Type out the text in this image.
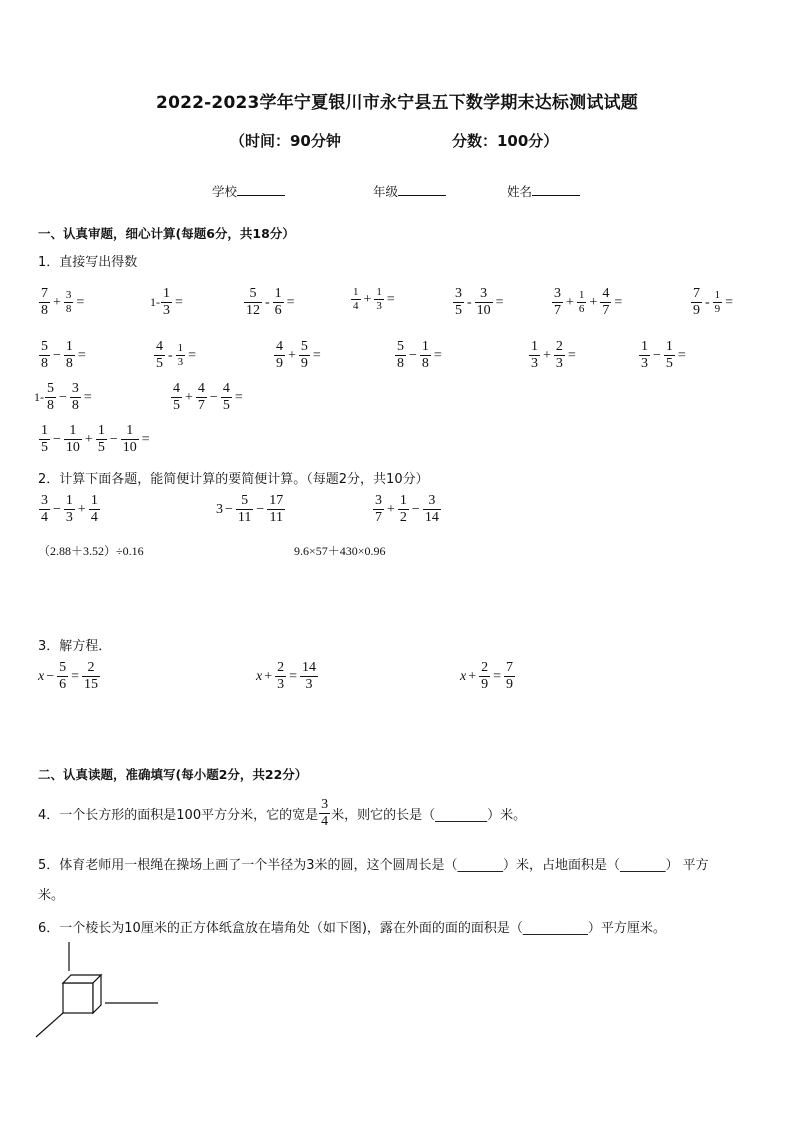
2022-2023学年宁夏银川市永宁县五下数学期末达标测试试题
（时间：90分钟	分数：100分）
学校	年级	姓名
一、认真审题，细心计算(每题6分，共18分）
1．直接写出得数
$\frac{7}{8} + \frac{3}{8}$ =	$1 - \frac{1}{3}$ =	$\frac{5}{12} - \frac{1}{6}$ =	$\frac{1}{4} + \frac{1}{3}$ =	$\frac{3}{5} - \frac{3}{10}$ =	$\frac{3}{7} + \frac{1}{6} + \frac{4}{7}$ =	$\frac{7}{9} - \frac{1}{9}$ =
$\frac{5}{8} - \frac{1}{8}$ =	$\frac{4}{5} - \frac{1}{3}$ =	$\frac{4}{9} + \frac{5}{9}$ =	$\frac{5}{8} - \frac{1}{8}$ =	$\frac{1}{3} + \frac{2}{3}$ =	$\frac{1}{3} - \frac{1}{5}$ =
$1 - \frac{5}{8} - \frac{3}{8}$ =	$\frac{4}{5} + \frac{4}{7} - \frac{4}{5}$ =
$\frac{1}{5} - \frac{1}{10} + \frac{1}{5} - \frac{1}{10}$ =
2．计算下面各题，能简便计算的要简便计算。（每题2分，共10分）
$\frac{3}{4} - \frac{1}{3} + \frac{1}{4}$	$3 - \frac{5}{11} - \frac{17}{11}$	$\frac{3}{7} + \frac{1}{2} - \frac{3}{14}$
（2.88＋3.52）÷0.16	9.6×57＋430×0.96
3．解方程．
$x - \frac{5}{6} = \frac{2}{15}$	$x + \frac{2}{3} = \frac{14}{3}$	$x + \frac{2}{9} = \frac{7}{9}$
二、认真读题，准确填写(每小题2分，共22分）
4．一个长方形的面积是100平方分米，它的宽是 $\frac{3}{4}$ 米，则它的长是（________）米。
5．体育老师用一根绳在操场上画了一个半径为3米的圆，这个圆周长是（_______）米，占地面积是（_______） 平方
米。
6．一个棱长为10厘米的正方体纸盒放在墙角处（如下图)，露在外面的面的面积是（__________）平方厘米。
